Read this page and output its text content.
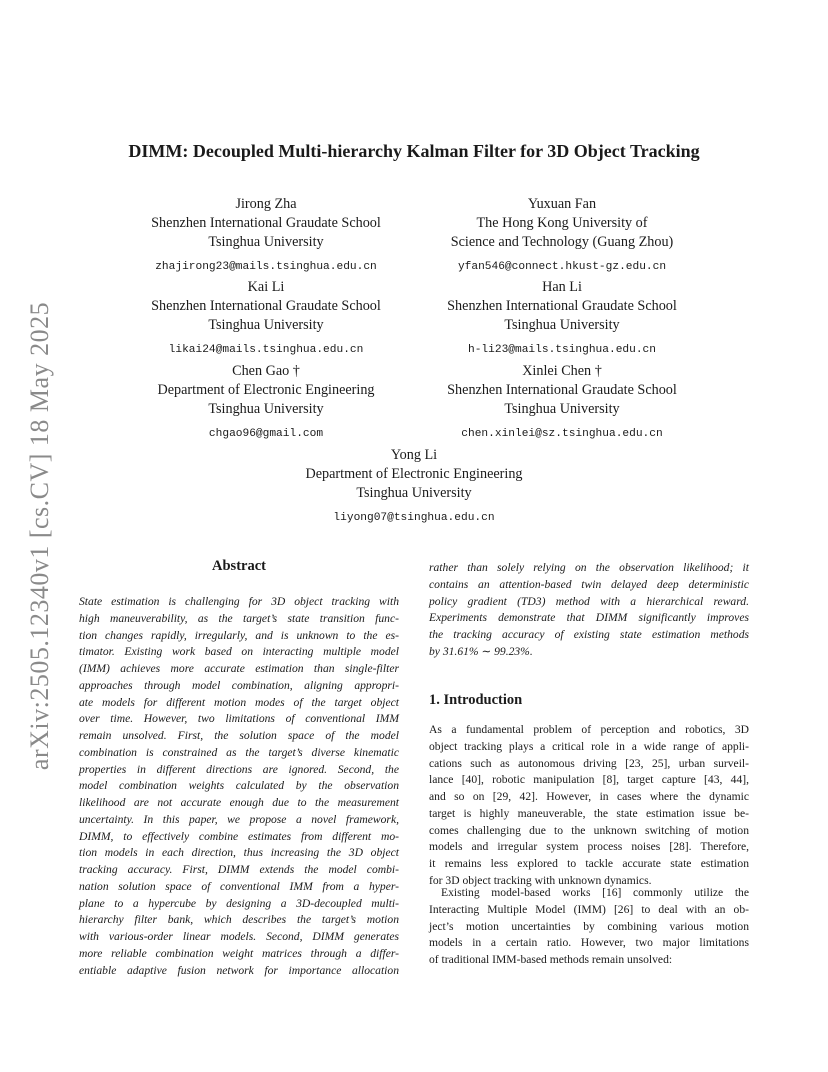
arXiv:2505.12340v1 [cs.CV] 18 May 2025
DIMM: Decoupled Multi-hierarchy Kalman Filter for 3D Object Tracking
Jirong Zha
Shenzhen International Graudate School
Tsinghua University
zhajirong23@mails.tsinghua.edu.cn
Yuxuan Fan
The Hong Kong University of
Science and Technology (Guang Zhou)
yfan546@connect.hkust-gz.edu.cn
Kai Li
Shenzhen International Graudate School
Tsinghua University
likai24@mails.tsinghua.edu.cn
Han Li
Shenzhen International Graudate School
Tsinghua University
h-li23@mails.tsinghua.edu.cn
Chen Gao †
Department of Electronic Engineering
Tsinghua University
chgao96@gmail.com
Xinlei Chen †
Shenzhen International Graudate School
Tsinghua University
chen.xinlei@sz.tsinghua.edu.cn
Yong Li
Department of Electronic Engineering
Tsinghua University
liyong07@tsinghua.edu.cn
Abstract
State estimation is challenging for 3D object tracking with
high maneuverability, as the target’s state transition func-
tion changes rapidly, irregularly, and is unknown to the es-
timator. Existing work based on interacting multiple model
(IMM) achieves more accurate estimation than single-filter
approaches through model combination, aligning appropri-
ate models for different motion modes of the target object
over time. However, two limitations of conventional IMM
remain unsolved. First, the solution space of the model
combination is constrained as the target’s diverse kinematic
properties in different directions are ignored. Second, the
model combination weights calculated by the observation
likelihood are not accurate enough due to the measurement
uncertainty. In this paper, we propose a novel framework,
DIMM, to effectively combine estimates from different mo-
tion models in each direction, thus increasing the 3D object
tracking accuracy. First, DIMM extends the model combi-
nation solution space of conventional IMM from a hyper-
plane to a hypercube by designing a 3D-decoupled multi-
hierarchy filter bank, which describes the target’s motion
with various-order linear models. Second, DIMM generates
more reliable combination weight matrices through a differ-
entiable adaptive fusion network for importance allocation
rather than solely relying on the observation likelihood; it
contains an attention-based twin delayed deep deterministic
policy gradient (TD3) method with a hierarchical reward.
Experiments demonstrate that DIMM significantly improves
the tracking accuracy of existing state estimation methods
by 31.61% ∼ 99.23%.
1. Introduction
As a fundamental problem of perception and robotics, 3D
object tracking plays a critical role in a wide range of appli-
cations such as autonomous driving [23, 25], urban surveil-
lance [40], robotic manipulation [8], target capture [43, 44],
and so on [29, 42]. However, in cases where the dynamic
target is highly maneuverable, the state estimation issue be-
comes challenging due to the unknown switching of motion
models and irregular system process noises [28]. Therefore,
it remains less explored to tackle accurate state estimation
for 3D object tracking with unknown dynamics.
Existing model-based works [16] commonly utilize the
Interacting Multiple Model (IMM) [26] to deal with an ob-
ject’s motion uncertainties by combining various motion
models in a certain ratio. However, two major limitations
of traditional IMM-based methods remain unsolved:
